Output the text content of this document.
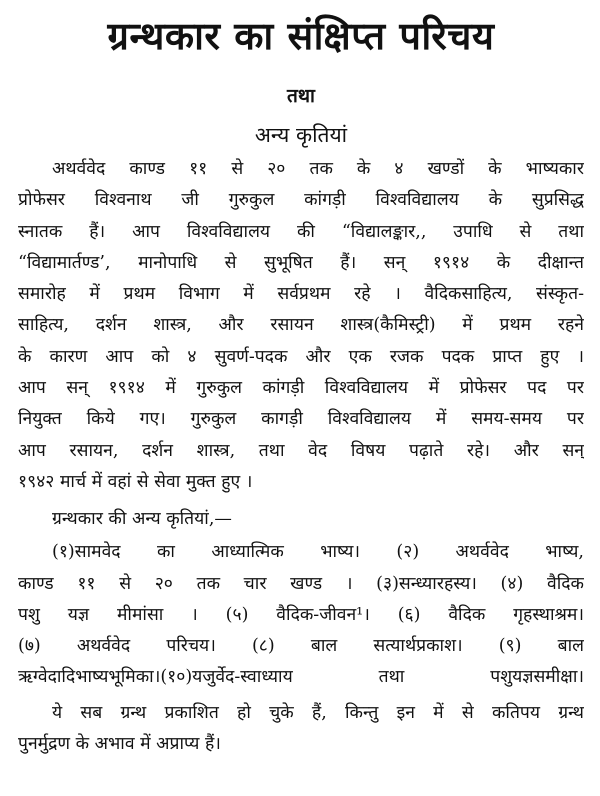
ग्रन्थकार का संक्षिप्त परिचय
तथा
अन्य कृतियां

अथर्ववेद काण्ड ११ से २० तक के ४ खण्डों के भाष्यकार
प्रोफेसर विश्वनाथ जी गुरुकुल कांगड़ी विश्वविद्यालय के सुप्रसिद्ध
स्नातक हैं। आप विश्वविद्यालय की “विद्यालङ्कार,, उपाधि से तथा
“विद्यामार्तण्ड’, मानोपाधि से सुभूषित हैं। सन् १९१४ के दीक्षान्त
समारोह में प्रथम विभाग में सर्वप्रथम रहे । वैदिकसाहित्य, संस्कृत-
साहित्य, दर्शन शास्त्र, और रसायन शास्त्र(कैमिस्ट्री) में प्रथम रहने
के कारण आप को ४ सुवर्ण-पदक और एक रजक पदक प्राप्त हुए ।
आप सन् १९१४ में गुरुकुल कांगड़ी विश्वविद्यालय में प्रोफेसर पद पर
नियुक्त किये गए। गुरुकुल कागड़ी विश्वविद्यालय में समय-समय पर
आप रसायन, दर्शन शास्त्र, तथा वेद विषय पढ़ाते रहे। और सन्
१९४२ मार्च में वहां से सेवा मुक्त हुए ।

ग्रन्थकार की अन्य कृतियां,—

(१)सामवेद का आध्यात्मिक भाष्य। (२) अथर्ववेद भाष्य,
काण्ड ११ से २० तक चार खण्ड । (३)सन्ध्यारहस्य। (४) वैदिक
पशु यज्ञ मीमांसा । (५) वैदिक-जीवन¹। (६) वैदिक गृहस्थाश्रम।
(७) अथर्ववेद परिचय। (८) बाल सत्यार्थप्रकाश। (९) बाल
ऋग्वेदादिभाष्यभूमिका।(१०)यजुर्वेद-स्वाध्याय तथा पशुयज्ञसमीक्षा।

ये सब ग्रन्थ प्रकाशित हो चुके हैं, किन्तु इन में से कतिपय ग्रन्थ
पुनर्मुद्रण के अभाव में अप्राप्य हैं।
